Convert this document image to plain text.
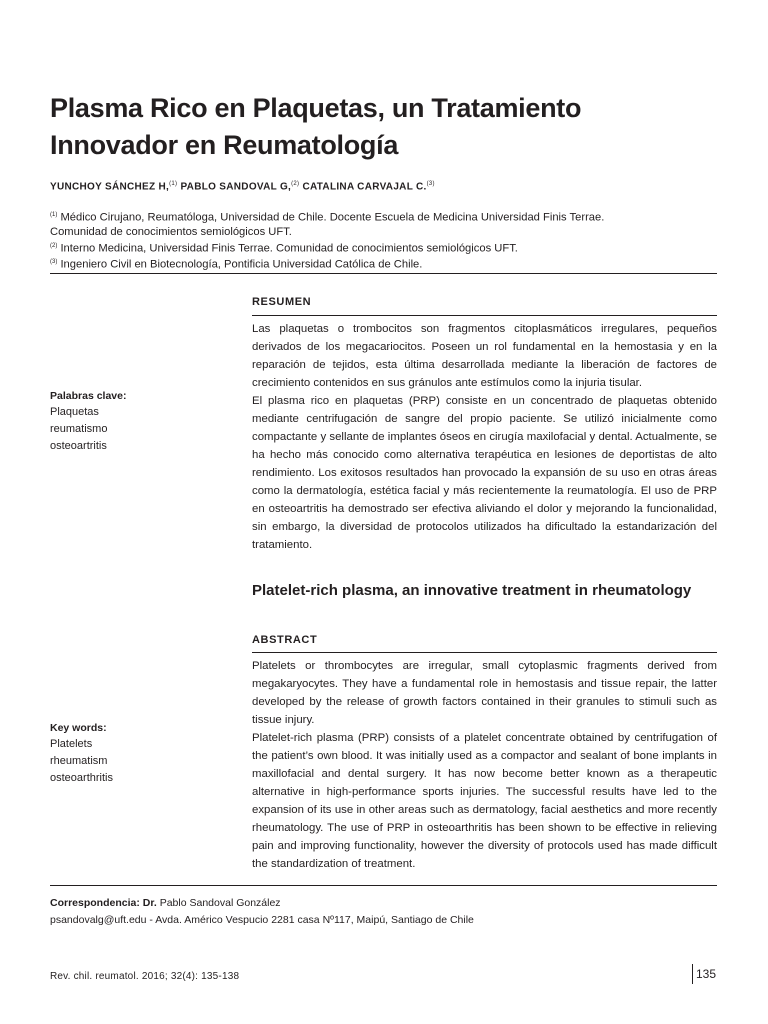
Plasma Rico en Plaquetas, un Tratamiento
Innovador en Reumatología
YUNCHOY SÁNCHEZ H,$^{(1)}$ PABLO SANDOVAL G,$^{(2)}$ CATALINA CARVAJAL C.$^{(3)}$
$^{(1)}$ Médico Cirujano, Reumatóloga, Universidad de Chile. Docente Escuela de Medicina Universidad Finis Terrae.
Comunidad de conocimientos semiológicos UFT.
$^{(2)}$ Interno Medicina, Universidad Finis Terrae. Comunidad de conocimientos semiológicos UFT.
$^{(3)}$ Ingeniero Civil en Biotecnología, Pontificia Universidad Católica de Chile.
RESUMEN

Las plaquetas o trombocitos son fragmentos citoplasmáticos irregulares, pequeños derivados de los megacariocitos. Poseen un rol fundamental en la hemostasia y en la reparación de tejidos, esta última desarrollada mediante la liberación de factores de crecimiento contenidos en sus gránulos ante estímulos como la injuria tisular.

El plasma rico en plaquetas (PRP) consiste en un concentrado de plaquetas obtenido mediante centrifugación de sangre del propio paciente. Se utilizó inicialmente como compactante y sellante de implantes óseos en cirugía maxilofacial y dental. Actualmente, se ha hecho más conocido como alternativa terapéutica en lesiones de deportistas de alto rendimiento. Los exitosos resultados han provocado la expansión de su uso en otras áreas como la dermatología, estética facial y más recientemente la reumatología. El uso de PRP en osteoartritis ha demostrado ser efectiva aliviando el dolor y mejorando la funcionalidad, sin embargo, la diversidad de protocolos utilizados ha dificultado la estandarización del tratamiento.

Palabras clave:
Plaquetas
reumatismo
osteoartritis
Platelet-rich plasma, an innovative treatment in rheumatology
ABSTRACT

Platelets or thrombocytes are irregular, small cytoplasmic fragments derived from megakaryocytes. They have a fundamental role in hemostasis and tissue repair, the latter developed by the release of growth factors contained in their granules to stimuli such as tissue injury.

Platelet-rich plasma (PRP) consists of a platelet concentrate obtained by centrifugation of the patient’s own blood. It was initially used as a compactor and sealant of bone implants in maxillofacial and dental surgery. It has now become better known as a therapeutic alternative in high-performance sports injuries. The successful results have led to the expansion of its use in other areas such as dermatology, facial aesthetics and more recently rheumatology. The use of PRP in osteoarthritis has been shown to be effective in relieving pain and improving functionality, however the diversity of protocols used has made difficult the standardization of treatment.

Key words:
Platelets
rheumatism
osteoarthritis
Correspondencia: Dr. Pablo Sandoval González
psandovalg@uft.edu - Avda. Américo Vespucio 2281 casa Nº117, Maipú, Santiago de Chile
Rev. chil. reumatol. 2016; 32(4): 135-138	135
